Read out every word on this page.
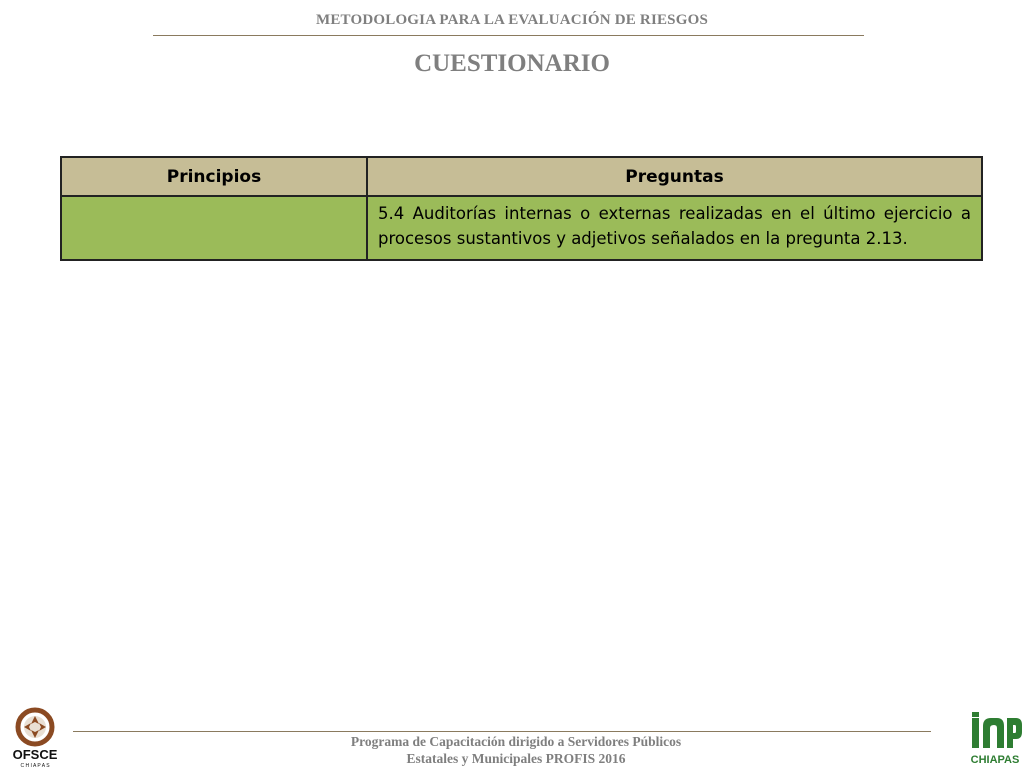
METODOLOGIA PARA LA EVALUACIÓN DE RIESGOS
CUESTIONARIO
Principios	Preguntas
	5.4 Auditorías internas o externas realizadas en el último ejercicio a procesos sustantivos y adjetivos señalados en la pregunta 2.13.
Programa de Capacitación dirigido a Servidores Públicos
Estatales y Municipales PROFIS 2016
OFSCE
C H I A P A S	CHIAPAS
